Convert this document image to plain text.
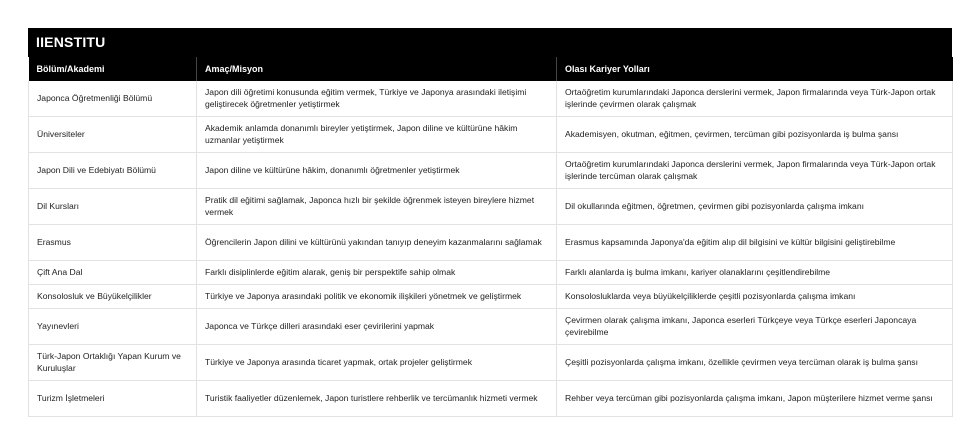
IIENSTITU
Bölüm/Akademi	Amaç/Misyon	Olası Kariyer Yolları
Japonca Öğretmenliği Bölümü	Japon dili öğretimi konusunda eğitim vermek, Türkiye ve Japonya arasındaki iletişimi geliştirecek öğretmenler yetiştirmek	Ortaöğretim kurumlarındaki Japonca derslerini vermek, Japon firmalarında veya Türk-Japon ortak işlerinde çevirmen olarak çalışmak
Üniversiteler	Akademik anlamda donanımlı bireyler yetiştirmek, Japon diline ve kültürüne hâkim uzmanlar yetiştirmek	Akademisyen, okutman, eğitmen, çevirmen, tercüman gibi pozisyonlarda iş bulma şansı
Japon Dili ve Edebiyatı Bölümü	Japon diline ve kültürüne hâkim, donanımlı öğretmenler yetiştirmek	Ortaöğretim kurumlarındaki Japonca derslerini vermek, Japon firmalarında veya Türk-Japon ortak işlerinde tercüman olarak çalışmak
Dil Kursları	Pratik dil eğitimi sağlamak, Japonca hızlı bir şekilde öğrenmek isteyen bireylere hizmet vermek	Dil okullarında eğitmen, öğretmen, çevirmen gibi pozisyonlarda çalışma imkanı
Erasmus	Öğrencilerin Japon dilini ve kültürünü yakından tanıyıp deneyim kazanmalarını sağlamak	Erasmus kapsamında Japonya'da eğitim alıp dil bilgisini ve kültür bilgisini geliştirebilme
Çift Ana Dal	Farklı disiplinlerde eğitim alarak, geniş bir perspektife sahip olmak	Farklı alanlarda iş bulma imkanı, kariyer olanaklarını çeşitlendirebilme
Konsolosluk ve Büyükelçilikler	Türkiye ve Japonya arasındaki politik ve ekonomik ilişkileri yönetmek ve geliştirmek	Konsolosluklarda veya büyükelçiliklerde çeşitli pozisyonlarda çalışma imkanı
Yayınevleri	Japonca ve Türkçe dilleri arasındaki eser çevirilerini yapmak	Çevirmen olarak çalışma imkanı, Japonca eserleri Türkçeye veya Türkçe eserleri Japoncaya çevirebilme
Türk-Japon Ortaklığı Yapan Kurum ve Kuruluşlar	Türkiye ve Japonya arasında ticaret yapmak, ortak projeler geliştirmek	Çeşitli pozisyonlarda çalışma imkanı, özellikle çevirmen veya tercüman olarak iş bulma şansı
Turizm İşletmeleri	Turistik faaliyetler düzenlemek, Japon turistlere rehberlik ve tercümanlık hizmeti vermek	Rehber veya tercüman gibi pozisyonlarda çalışma imkanı, Japon müşterilere hizmet verme şansı
